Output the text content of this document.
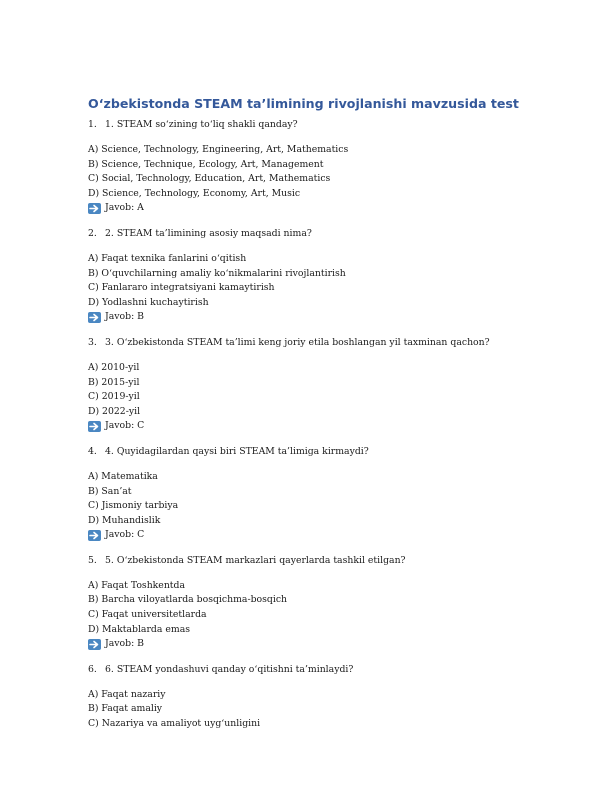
O‘zbekistonda STEAM ta’limining rivojlanishi mavzusida test
1. 1. STEAM so‘zining to‘liq shakli qanday?
A) Science, Technology, Engineering, Art, Mathematics
B) Science, Technique, Ecology, Art, Management
C) Social, Technology, Education, Art, Mathematics
D) Science, Technology, Economy, Art, Music
Javob: A
2. 2. STEAM ta’limining asosiy maqsadi nima?
A) Faqat texnika fanlarini o‘qitish
B) O‘quvchilarning amaliy ko‘nikmalarini rivojlantirish
C) Fanlararo integratsiyani kamaytirish
D) Yodlashni kuchaytirish
Javob: B
3. 3. O‘zbekistonda STEAM ta’limi keng joriy etila boshlangan yil taxminan qachon?
A) 2010-yil
B) 2015-yil
C) 2019-yil
D) 2022-yil
Javob: C
4. 4. Quyidagilardan qaysi biri STEAM ta’limiga kirmaydi?
A) Matematika
B) San’at
C) Jismoniy tarbiya
D) Muhandislik
Javob: C
5. 5. O‘zbekistonda STEAM markazlari qayerlarda tashkil etilgan?
A) Faqat Toshkentda
B) Barcha viloyatlarda bosqichma-bosqich
C) Faqat universitetlarda
D) Maktablarda emas
Javob: B
6. 6. STEAM yondashuvi qanday o‘qitishni ta’minlaydi?
A) Faqat nazariy
B) Faqat amaliy
C) Nazariya va amaliyot uyg‘unligini
